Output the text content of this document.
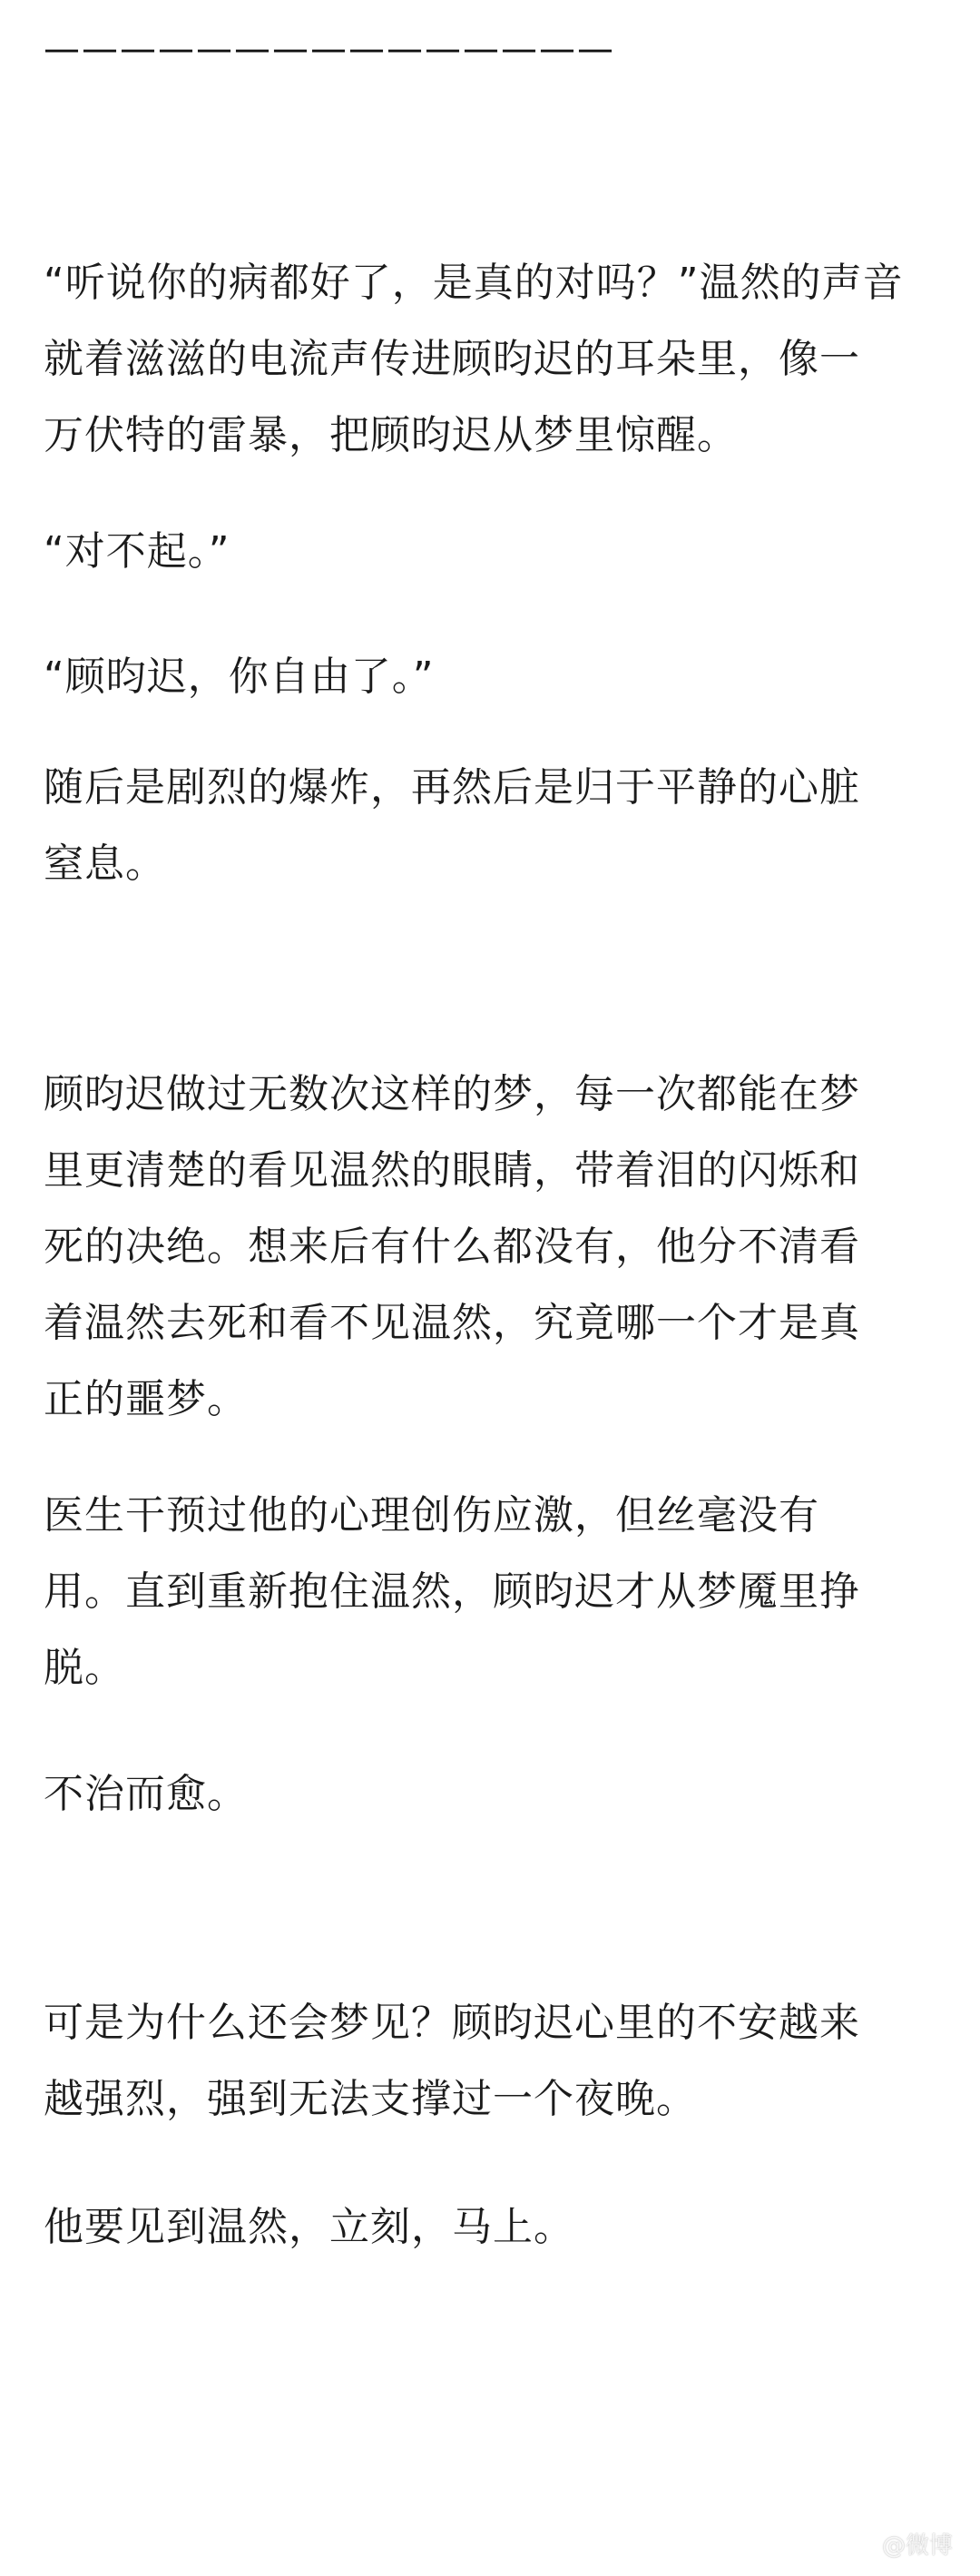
———————————————
“听说你的病都好了，是真的对吗？”温然的声音
就着滋滋的电流声传进顾昀迟的耳朵里，像一
万伏特的雷暴，把顾昀迟从梦里惊醒。
“对不起。”
“顾昀迟，你自由了。”
随后是剧烈的爆炸，再然后是归于平静的心脏
窒息。
顾昀迟做过无数次这样的梦，每一次都能在梦
里更清楚的看见温然的眼睛，带着泪的闪烁和
死的决绝。想来后有什么都没有，他分不清看
着温然去死和看不见温然，究竟哪一个才是真
正的噩梦。
医生干预过他的心理创伤应激，但丝毫没有
用。直到重新抱住温然，顾昀迟才从梦魇里挣
脱。
不治而愈。
可是为什么还会梦见？顾昀迟心里的不安越来
越强烈，强到无法支撑过一个夜晚。
他要见到温然，立刻，马上。
@微博
